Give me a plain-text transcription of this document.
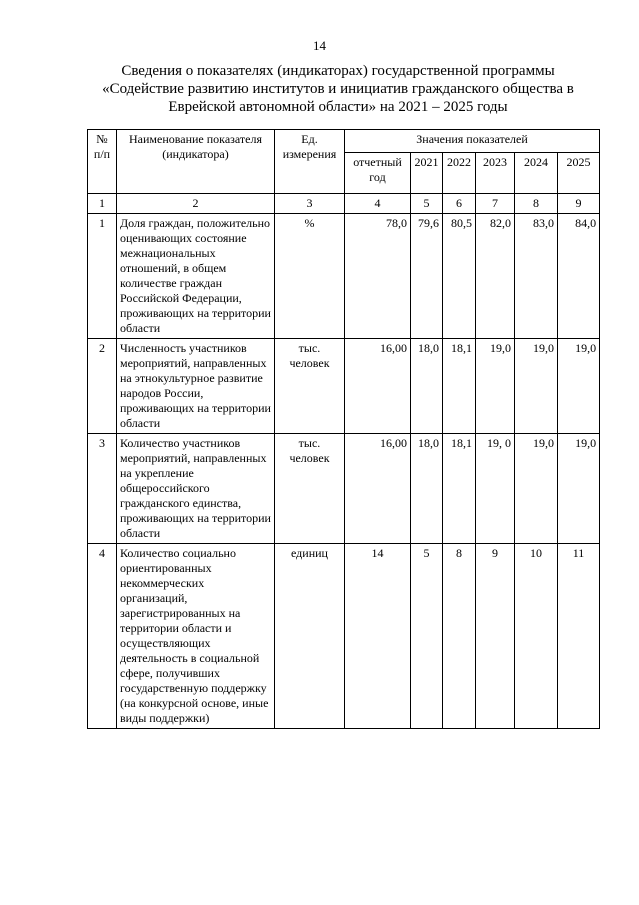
14
Сведения о показателях (индикаторах) государственной программы
«Содействие развитию институтов и инициатив гражданского общества в
Еврейской автономной области» на 2021 – 2025 годы
№ п/п	Наименование показателя (индикатора)	Ед. измерения	Значения показателей					
			отчетный год	2021	2022	2023	2024	2025
1	2	3	4	5	6	7	8	9
1	Доля граждан, положительно оценивающих состояние межнациональных отношений, в общем количестве граждан Российской Федерации, проживающих на территории области	%	78,0	79,6	80,5	82,0	83,0	84,0
2	Численность участников мероприятий, направленных на этнокультурное развитие народов России, проживающих на территории области	тыс. человек	16,00	18,0	18,1	19,0	19,0	19,0
3	Количество участников мероприятий, направленных на укрепление общероссийского гражданского единства, проживающих на территории области	тыс. человек	16,00	18,0	18,1	19, 0	19,0	19,0
4	Количество социально ориентированных некоммерческих организаций, зарегистрированных на территории области и осуществляющих деятельность в социальной сфере, получивших государственную поддержку (на конкурсной основе, иные виды поддержки)	единиц	14	5	8	9	10	11
